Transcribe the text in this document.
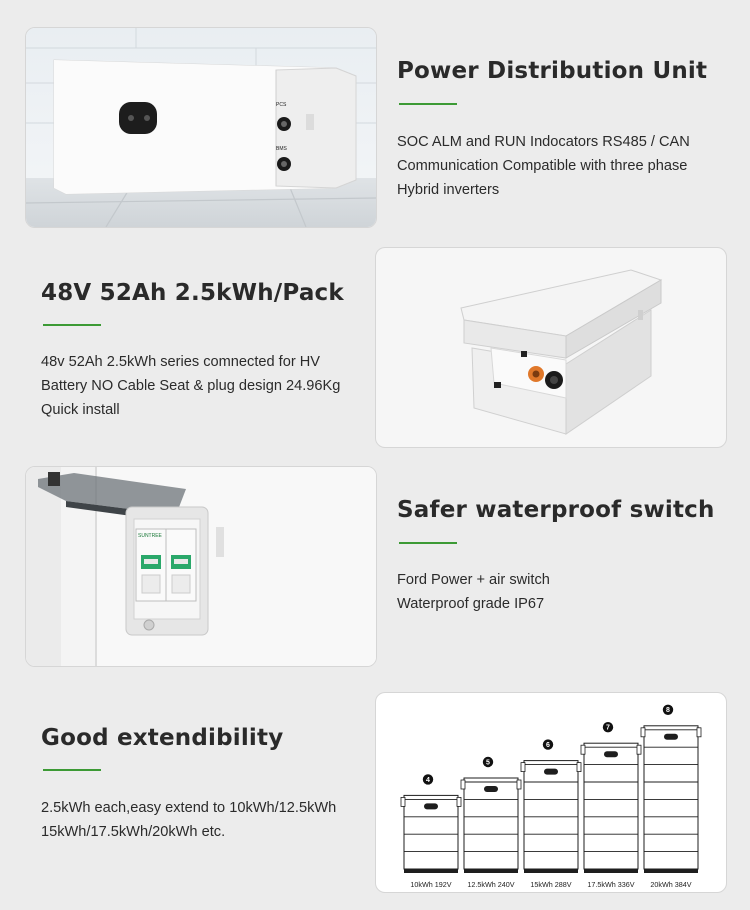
PCS
BMS
Power Distribution Unit
SOC ALM and RUN Indocators RS485 / CAN
Communication Compatible with three phase
Hybrid inverters
48V 52Ah 2.5kWh/Pack
48v 52Ah 2.5kWh series comnected for HV
Battery NO Cable Seat & plug design 24.96Kg
Quick install
SUNTREE
Safer waterproof switch
Ford Power + air switch
Waterproof grade IP67
Good extendibility
2.5kWh each,easy extend to 10kWh/12.5kWh
15kWh/17.5kWh/20kWh etc.
4
10kWh 192V
5
12.5kWh 240V
6
15kWh 288V
7
17.5kWh 336V
8
20kWh 384V
